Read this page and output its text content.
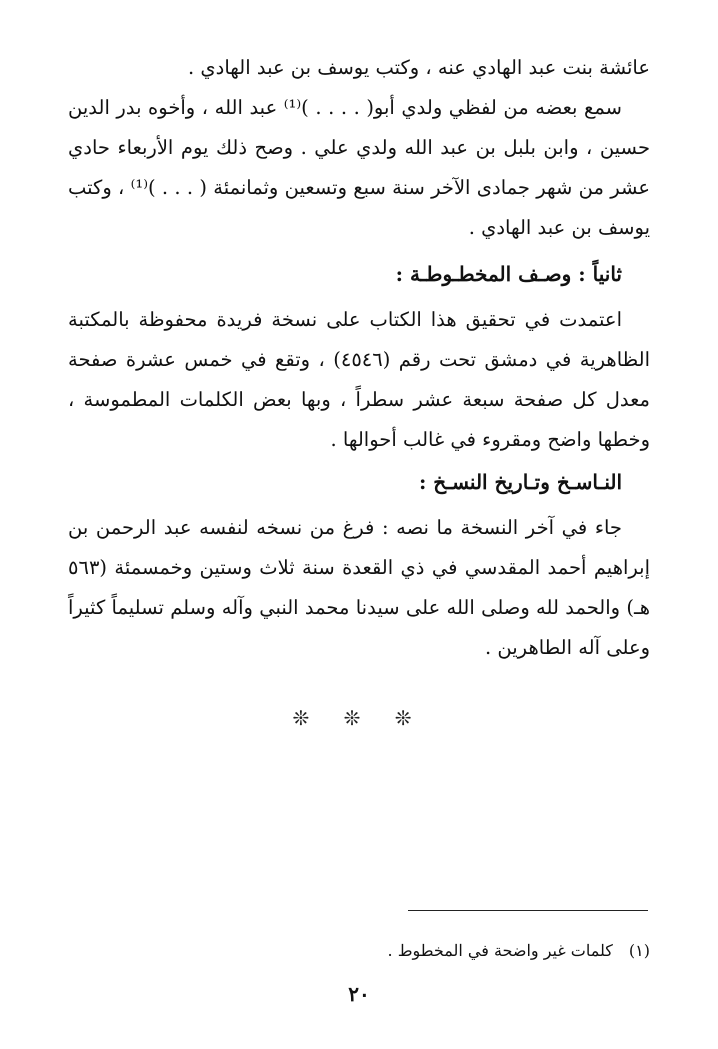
عائشة بنت عبد الهادي عنه ، وكتب يوسف بن عبد الهادي .
سمع بعضه من لفظي ولدي أبو( . . . . )⁽¹⁾ عبد الله ، وأخوه بدر الدين حسين ، وابن بلبل بن عبد الله ولدي علي . وصح ذلك يوم الأربعاء حادي عشر من شهر جمادى الآخر سنة سبع وتسعين وثمانمئة ( . . . )⁽¹⁾ ، وكتب يوسف بن عبد الهادي .
ثانياً : وصـف المخطـوطـة :
اعتمدت في تحقيق هذا الكتاب على نسخة فريدة محفوظة بالمكتبة الظاهرية في دمشق تحت رقم (٤٥٤٦) ، وتقع في خمس عشرة صفحة معدل كل صفحة سبعة عشر سطراً ، وبها بعض الكلمات المطموسة ، وخطها واضح ومقروء في غالب أحوالها .
النـاسـخ وتـاريخ النسـخ :
جاء في آخر النسخة ما نصه : فرغ من نسخه لنفسه عبد الرحمن بن إبراهيم أحمد المقدسي في ذي القعدة سنة ثلاث وستين وخمسمئة (٥٦٣ هـ) والحمد لله وصلى الله على سيدنا محمد النبي وآله وسلم تسليماً كثيراً وعلى آله الطاهرين .
❊ ❊ ❊
(١)كلمات غير واضحة في المخطوط .
٢٠
